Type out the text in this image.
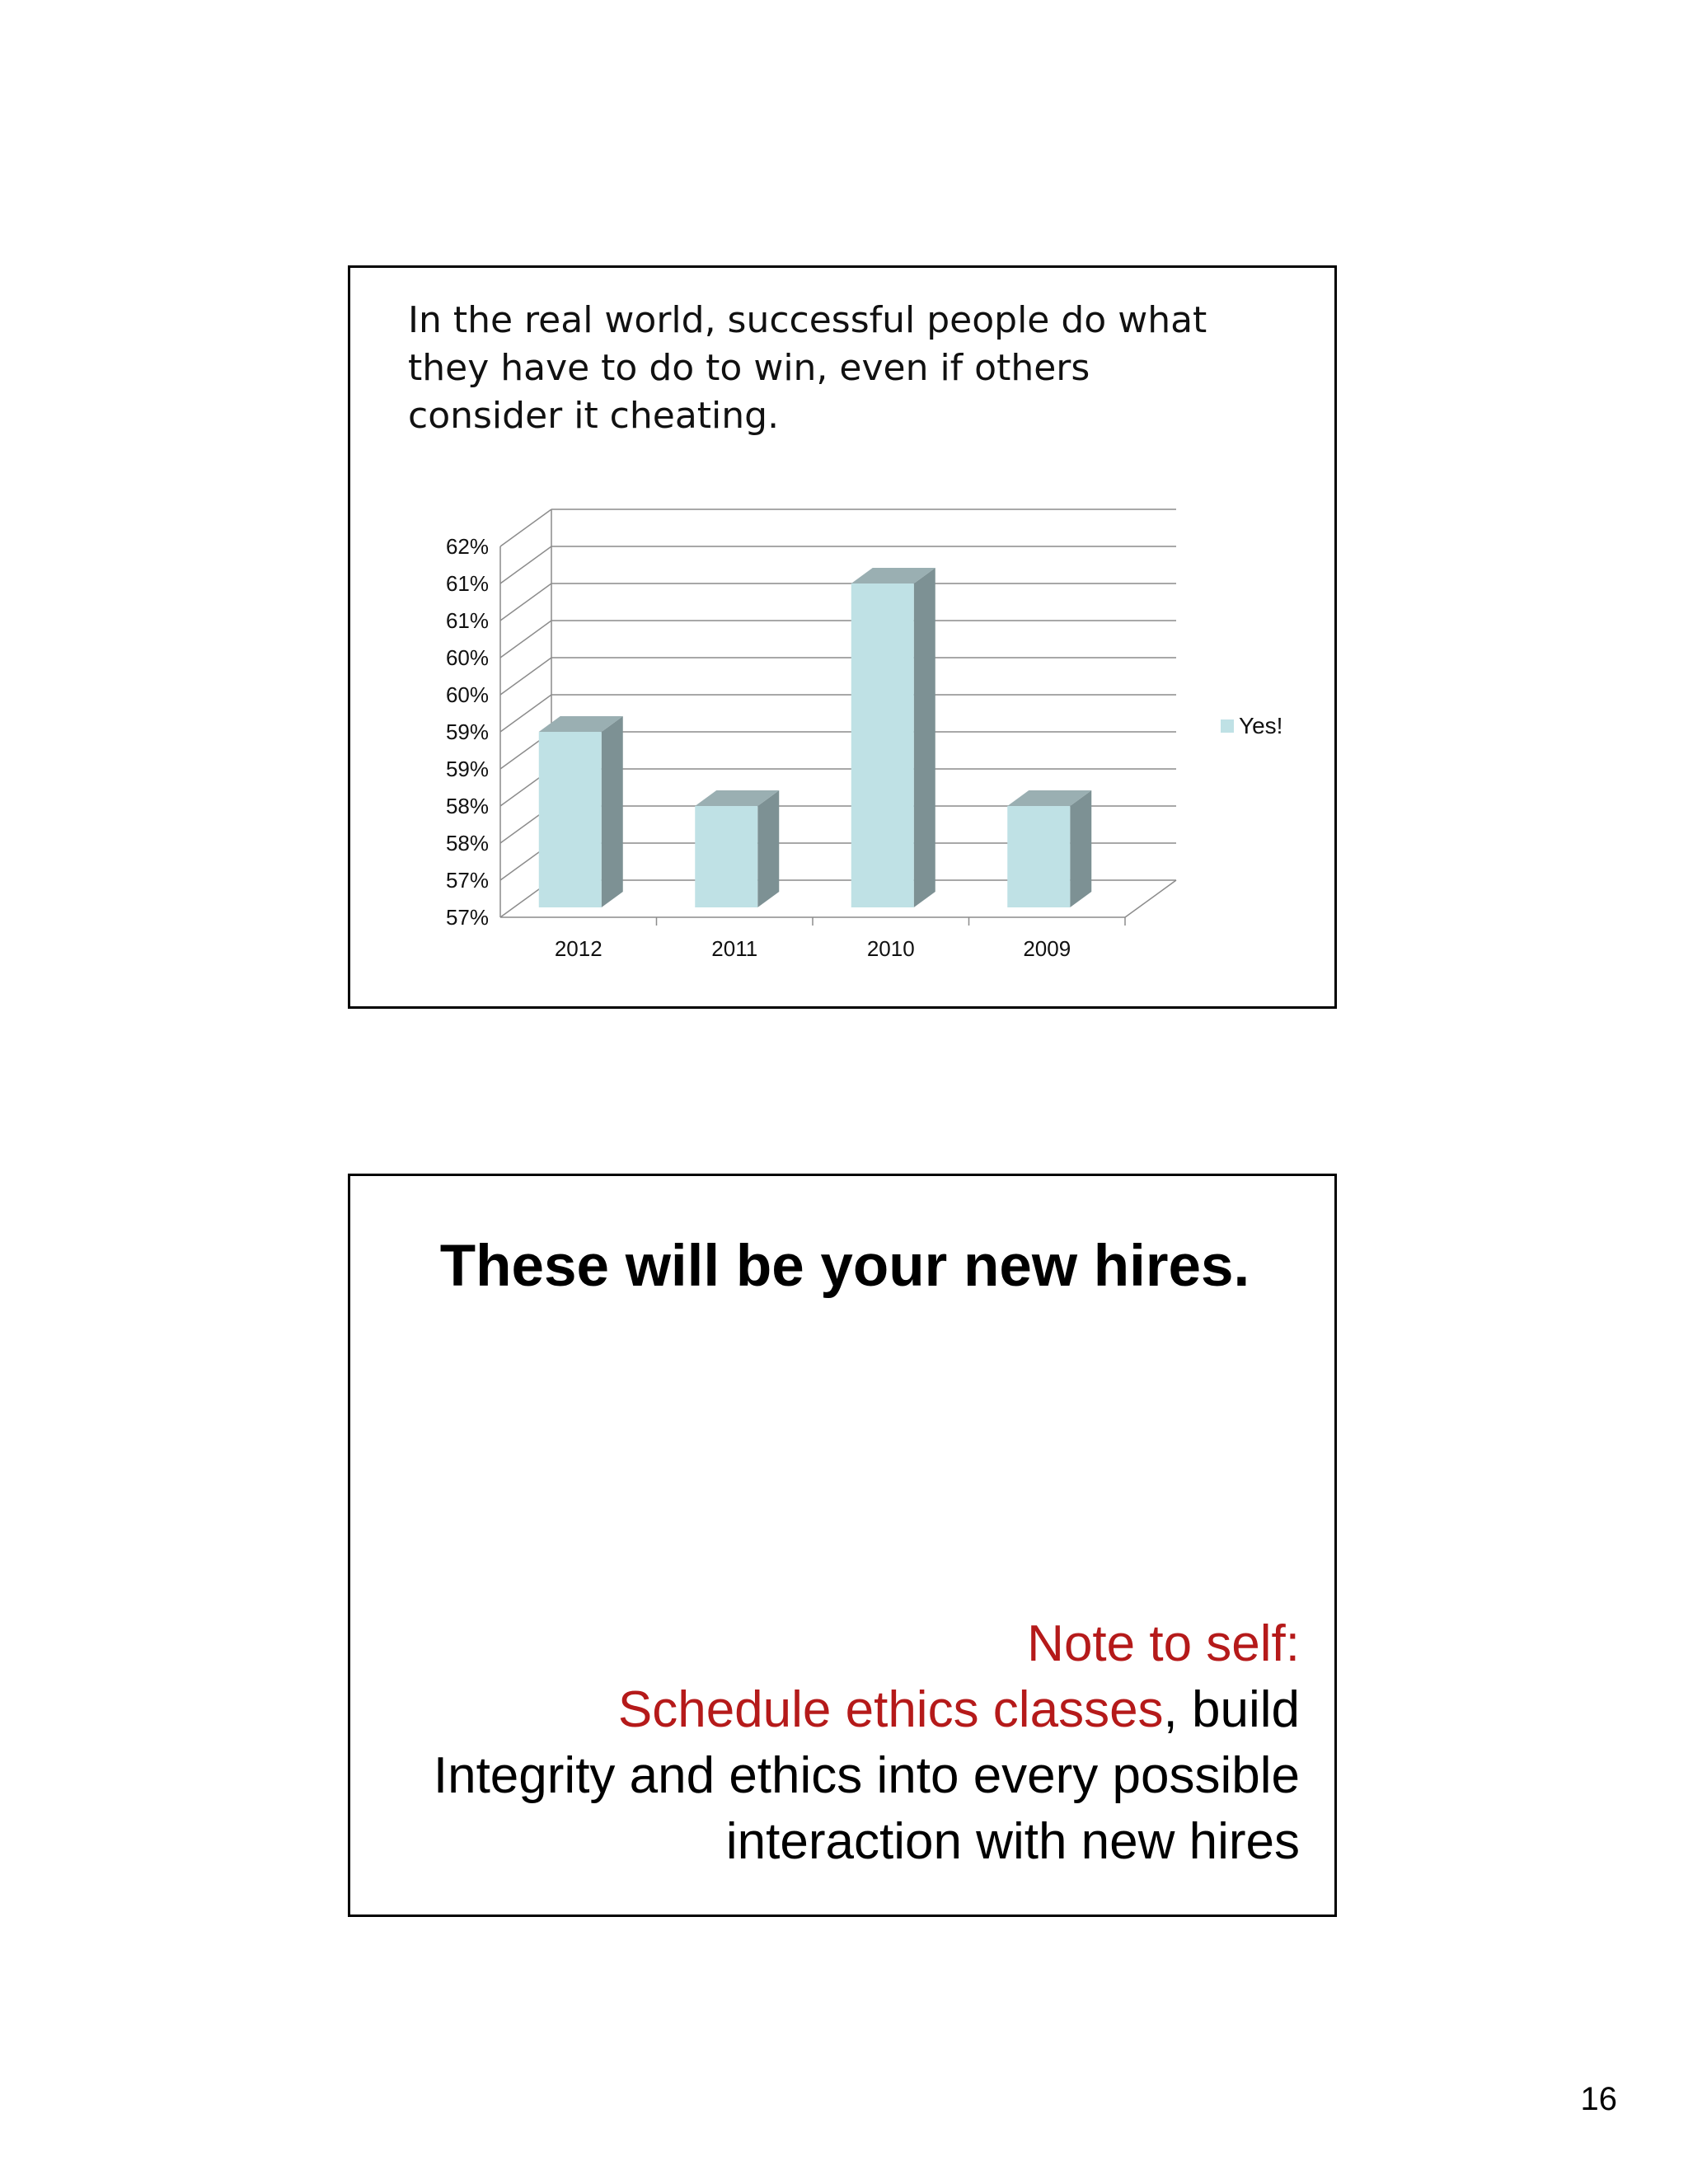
In the real world, successful people do what they have to do to win, even if others consider it cheating.

57%
57%
58%
58%
59%
59%
60%
60%
61%
61%
62%
2012	2011	2010	2009
Yes!
These will be your new hires.
Note to self:
Schedule ethics classes, build
Integrity and ethics into every possible
interaction with new hires
16
